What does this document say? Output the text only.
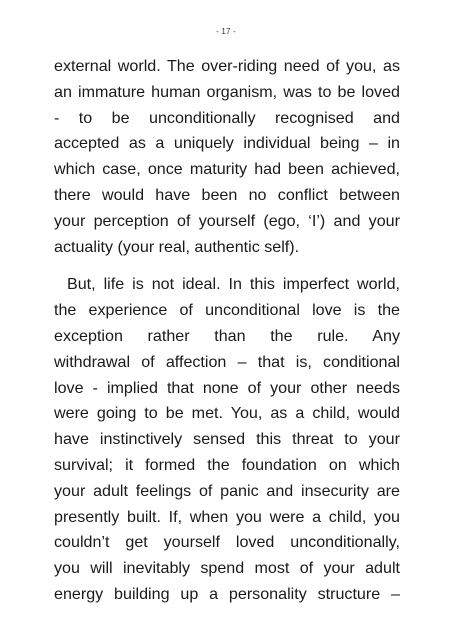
- 17 -
external world. The over-riding need of you, as
an immature human organism, was to be loved
- to be unconditionally recognised and
accepted as a uniquely individual being – in
which case, once maturity had been achieved,
there would have been no conflict between
your perception of yourself (ego, ‘I’) and your
actuality (your real, authentic self).
But, life is not ideal. In this imperfect world,
the experience of unconditional love is the
exception rather than the rule. Any
withdrawal of affection – that is, conditional
love - implied that none of your other needs
were going to be met. You, as a child, would
have instinctively sensed this threat to your
survival; it formed the foundation on which
your adult feelings of panic and insecurity are
presently built. If, when you were a child, you
couldn’t get yourself loved unconditionally,
you will inevitably spend most of your adult
energy building up a personality structure –
